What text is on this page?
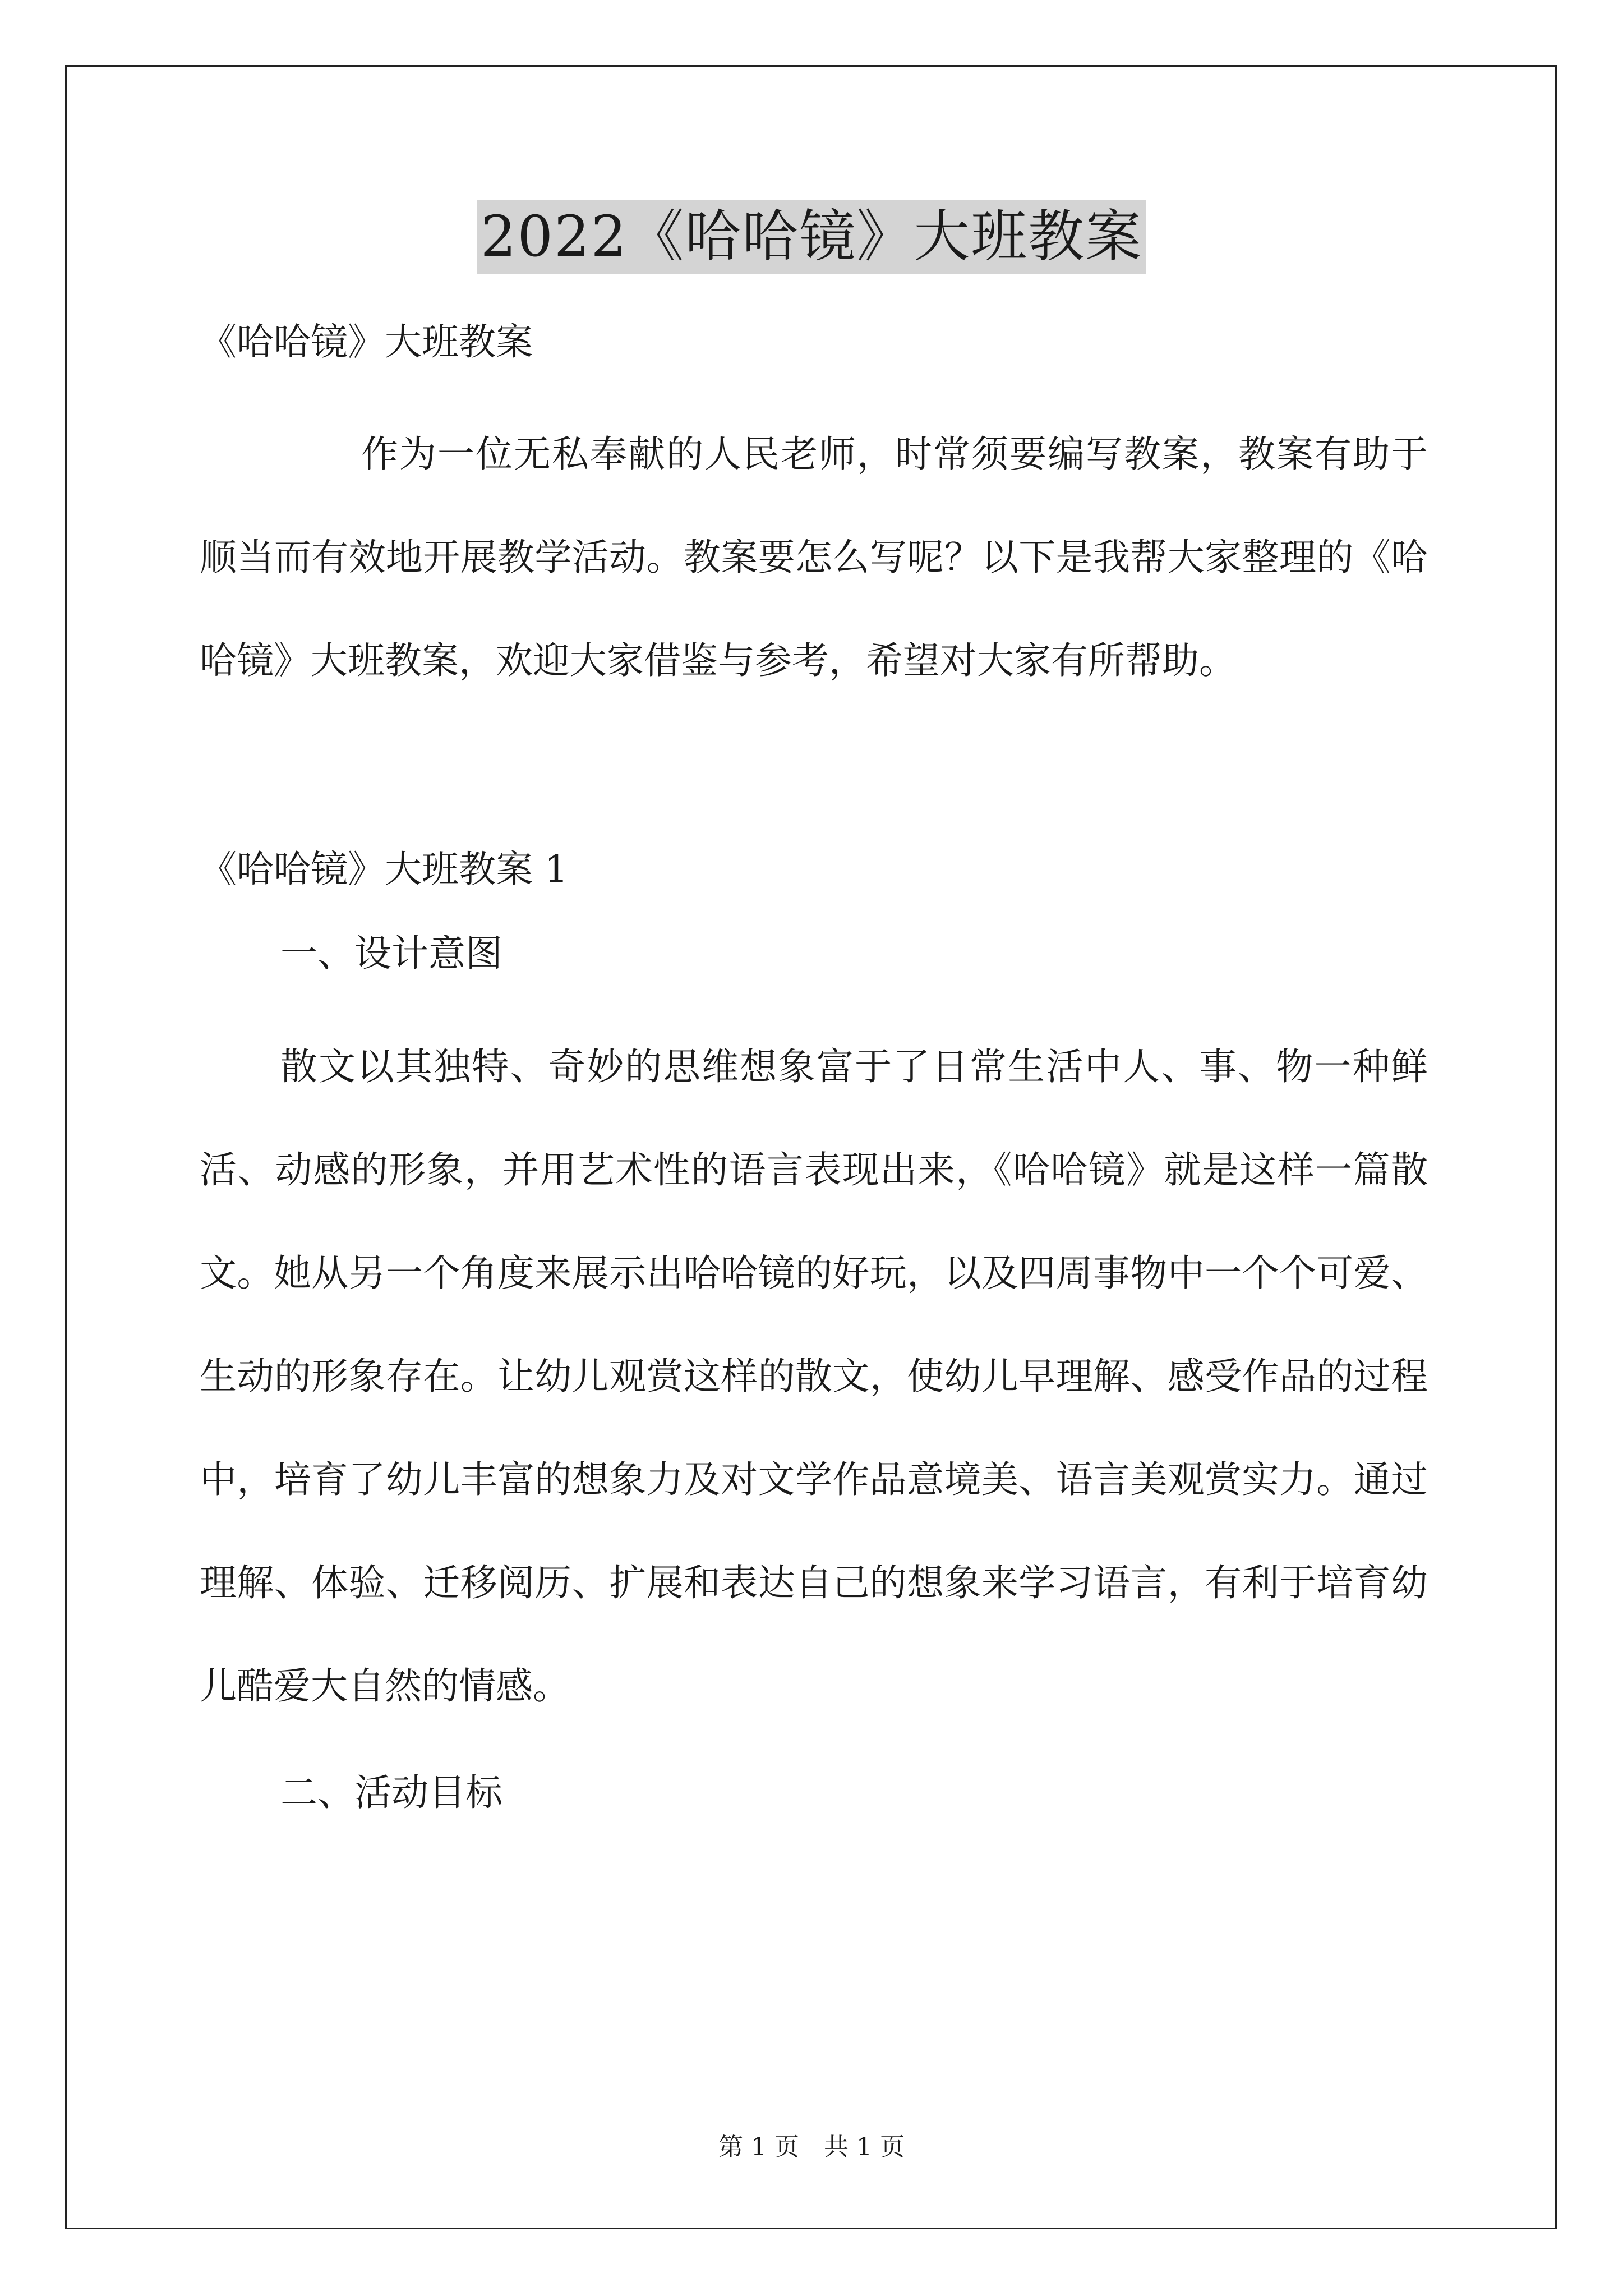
2022《哈哈镜》大班教案

《哈哈镜》大班教案

作为一位无私奉献的人民老师，时常须要编写教案，教案有助于顺当而有效地开展教学活动。教案要怎么写呢？以下是我帮大家整理的《哈哈镜》大班教案，欢迎大家借鉴与参考，希望对大家有所帮助。

《哈哈镜》大班教案 1

一、设计意图

散文以其独特、奇妙的思维想象富于了日常生活中人、事、物一种鲜活、动感的形象，并用艺术性的语言表现出来，《哈哈镜》就是这样一篇散文。她从另一个角度来展示出哈哈镜的好玩，以及四周事物中一个个可爱、生动的形象存在。让幼儿观赏这样的散文，使幼儿早理解、感受作品的过程中，培育了幼儿丰富的想象力及对文学作品意境美、语言美观赏实力。通过理解、体验、迁移阅历、扩展和表达自己的想象来学习语言，有利于培育幼儿酷爱大自然的情感。

二、活动目标

第 1 页　共 1 页
